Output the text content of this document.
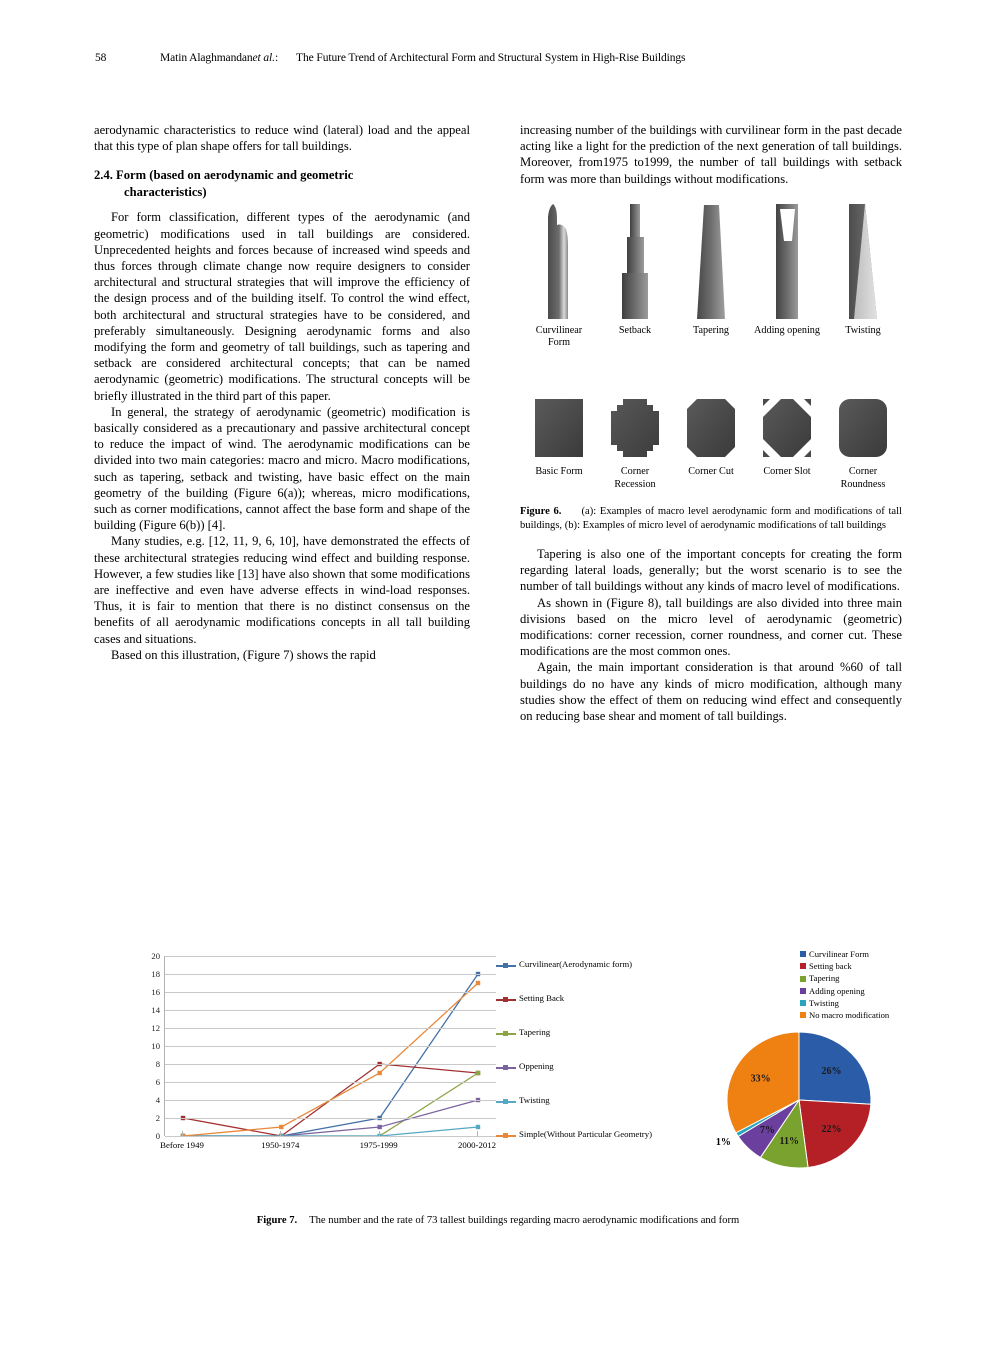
58	Matin Alaghmandanet al.: The Future Trend of Architectural Form and Structural System in High-Rise Buildings

aerodynamic characteristics to reduce wind (lateral) load and the appeal that this type of plan shape offers for tall buildings.

2.4. Form (based on aerodynamic and geometric
characteristics)

For form classification, different types of the aerodynamic (and geometric) modifications used in tall buildings are considered. Unprecedented heights and forces because of increased wind speeds and thus forces through climate change now require designers to consider architectural and structural strategies that will improve the efficiency of the design process and of the building itself. To control the wind effect, both architectural and structural strategies have to be considered, and preferably simultaneously. Designing aerodynamic forms and also modifying the form and geometry of tall buildings, such as tapering and setback are considered architectural concepts; that can be named aerodynamic (geometric) modifications. The structural concepts will be briefly illustrated in the third part of this paper.

In general, the strategy of aerodynamic (geometric) modification is basically considered as a precautionary and passive architectural concept to reduce the impact of wind. The aerodynamic modifications can be divided into two main categories: macro and micro. Macro modifications, such as tapering, setback and twisting, have basic effect on the main geometry of the building (Figure 6(a)); whereas, micro modifications, such as corner modifications, cannot affect the base form and shape of the building (Figure 6(b)) [4].

Many studies, e.g. [12, 11, 9, 6, 10], have demonstrated the effects of these architectural strategies reducing wind effect and building response. However, a few studies like [13] have also shown that some modifications are ineffective and even have adverse effects in wind-load responses. Thus, it is fair to mention that there is no distinct consensus on the benefits of all aerodynamic modifications concepts in all tall building cases and situations.

Based on this illustration, (Figure 7) shows the rapid

increasing number of the buildings with curvilinear form in the past decade acting like a light for the prediction of the next generation of tall buildings. Moreover, from1975 to1999, the number of tall buildings with setback form was more than buildings without modifications.

Curvilinear Form
Setback	Tapering	Adding opening	Twisting
Basic Form	Corner Recession
Corner Cut	Corner Slot	Corner Roundness

Figure 6. (a): Examples of macro level aerodynamic form and modifications of tall buildings, (b): Examples of micro level of aerodynamic modifications of tall buildings

Tapering is also one of the important concepts for creating the form regarding lateral loads, generally; but the worst scenario is to see the number of tall buildings without any kinds of macro level of modifications.

As shown in (Figure 8), tall buildings are also divided into three main divisions based on the micro level of aerodynamic (geometric) modifications: corner recession, corner roundness, and corner cut. These modifications are the most common ones.

Again, the main important consideration is that around %60 of tall buildings do no have any kinds of micro modification, although many studies show the effect of them on reducing wind effect and consequently on reducing base shear and moment of tall buildings.

0
2
4
6
8
10
12
14
16
18
20
Before 1949	1950-1974	1975-1999	2000-2012
Curvilinear(Aerodynamic form)
Setting Back
Tapering
Oppening
Twisting
Simple(Without Particular Geometry)
Curvilinear Form
Setting back
Tapering
Adding opening
Twisting
No macro modification
26%
22%
11%
7%
1%
33%

Figure 7. The number and the rate of 73 tallest buildings regarding macro aerodynamic modifications and form
